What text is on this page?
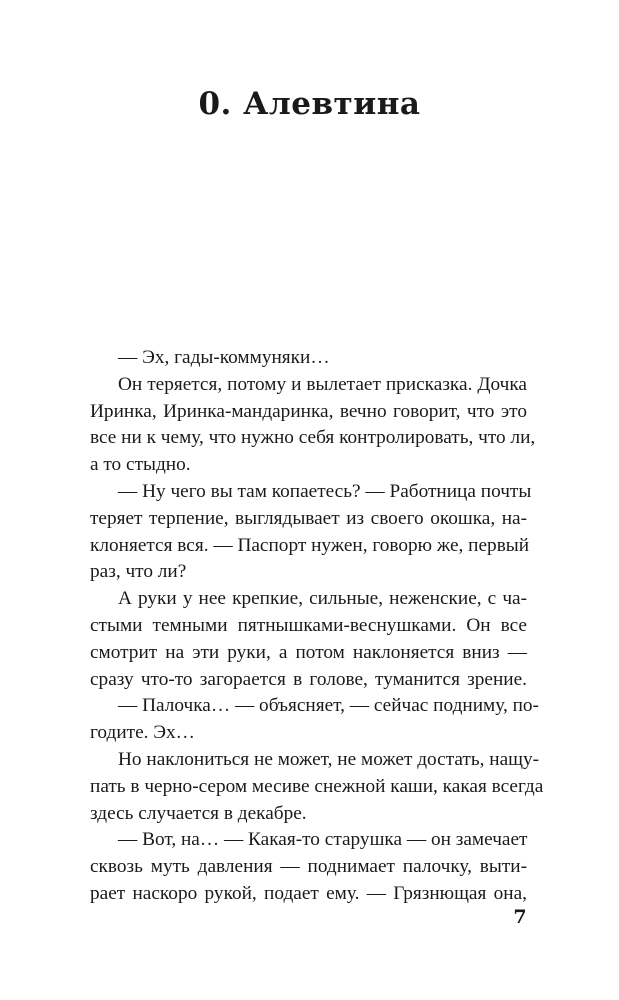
0. Алевтина
— Эх, гады-коммуняки…
Он теряется, потому и вылетает присказка. Дочка
Иринка, Иринка-мандаринка, вечно говорит, что это
все ни к чему, что нужно себя контролировать, что ли,
а то стыдно.
— Ну чего вы там копаетесь? — Работница почты
теряет терпение, выглядывает из своего окошка, на-
клоняется вся. — Паспорт нужен, говорю же, первый
раз, что ли?
А руки у нее крепкие, сильные, неженские, с ча-
стыми темными пятнышками-веснушками. Он все
смотрит на эти руки, а потом наклоняется вниз —
сразу что-то загорается в голове, туманится зрение.
— Палочка… — объясняет, — сейчас подниму, по-
годите. Эх…
Но наклониться не может, не может достать, нащу-
пать в черно-сером месиве снежной каши, какая всегда
здесь случается в декабре.
— Вот, на… — Какая-то старушка — он замечает
сквозь муть давления — поднимает палочку, выти-
рает наскоро рукой, подает ему. — Грязнющая она,
7
